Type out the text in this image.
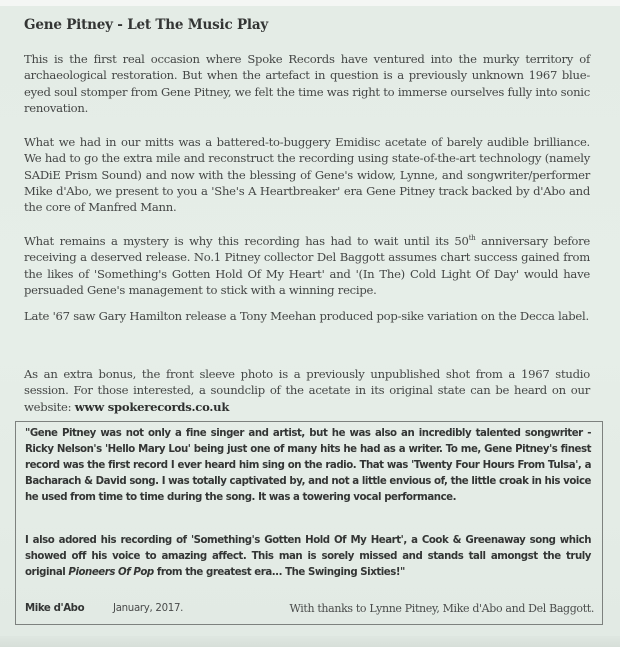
Gene Pitney - Let The Music Play

This is the first real occasion where Spoke Records have ventured into the murky territory of archaeological restoration. But when the artefact in question is a previously unknown 1967 blue-eyed soul stomper from Gene Pitney, we felt the time was right to immerse ourselves fully into sonic renovation.

What we had in our mitts was a battered-to-buggery Emidisc acetate of barely audible brilliance. We had to go the extra mile and reconstruct the recording using state-of-the-art technology (namely SADiE Prism Sound) and now with the blessing of Gene's widow, Lynne, and songwriter/performer Mike d'Abo, we present to you a 'She's A Heartbreaker' era Gene Pitney track backed by d'Abo and the core of Manfred Mann.

What remains a mystery is why this recording has had to wait until its 50th anniversary before receiving a deserved release. No.1 Pitney collector Del Baggott assumes chart success gained from the likes of 'Something's Gotten Hold Of My Heart' and '(In The) Cold Light Of Day' would have persuaded Gene's management to stick with a winning recipe.

Late '67 saw Gary Hamilton release a Tony Meehan produced pop-sike variation on the Decca label.

As an extra bonus, the front sleeve photo is a previously unpublished shot from a 1967 studio session. For those interested, a soundclip of the acetate in its original state can be heard on our website: www spokerecords.co.uk

"Gene Pitney was not only a fine singer and artist, but he was also an incredibly talented songwriter - Ricky Nelson's 'Hello Mary Lou' being just one of many hits he had as a writer. To me, Gene Pitney's finest record was the first record I ever heard him sing on the radio. That was 'Twenty Four Hours From Tulsa', a Bacharach & David song. I was totally captivated by, and not a little envious of, the little croak in his voice he used from time to time during the song. It was a towering vocal performance.

I also adored his recording of 'Something's Gotten Hold Of My Heart', a Cook & Greenaway song which showed off his voice to amazing affect. This man is sorely missed and stands tall amongst the truly original Pioneers Of Pop from the greatest era... The Swinging Sixties!"

Mike d'Abo	January, 2017.	With thanks to Lynne Pitney, Mike d'Abo and Del Baggott.
